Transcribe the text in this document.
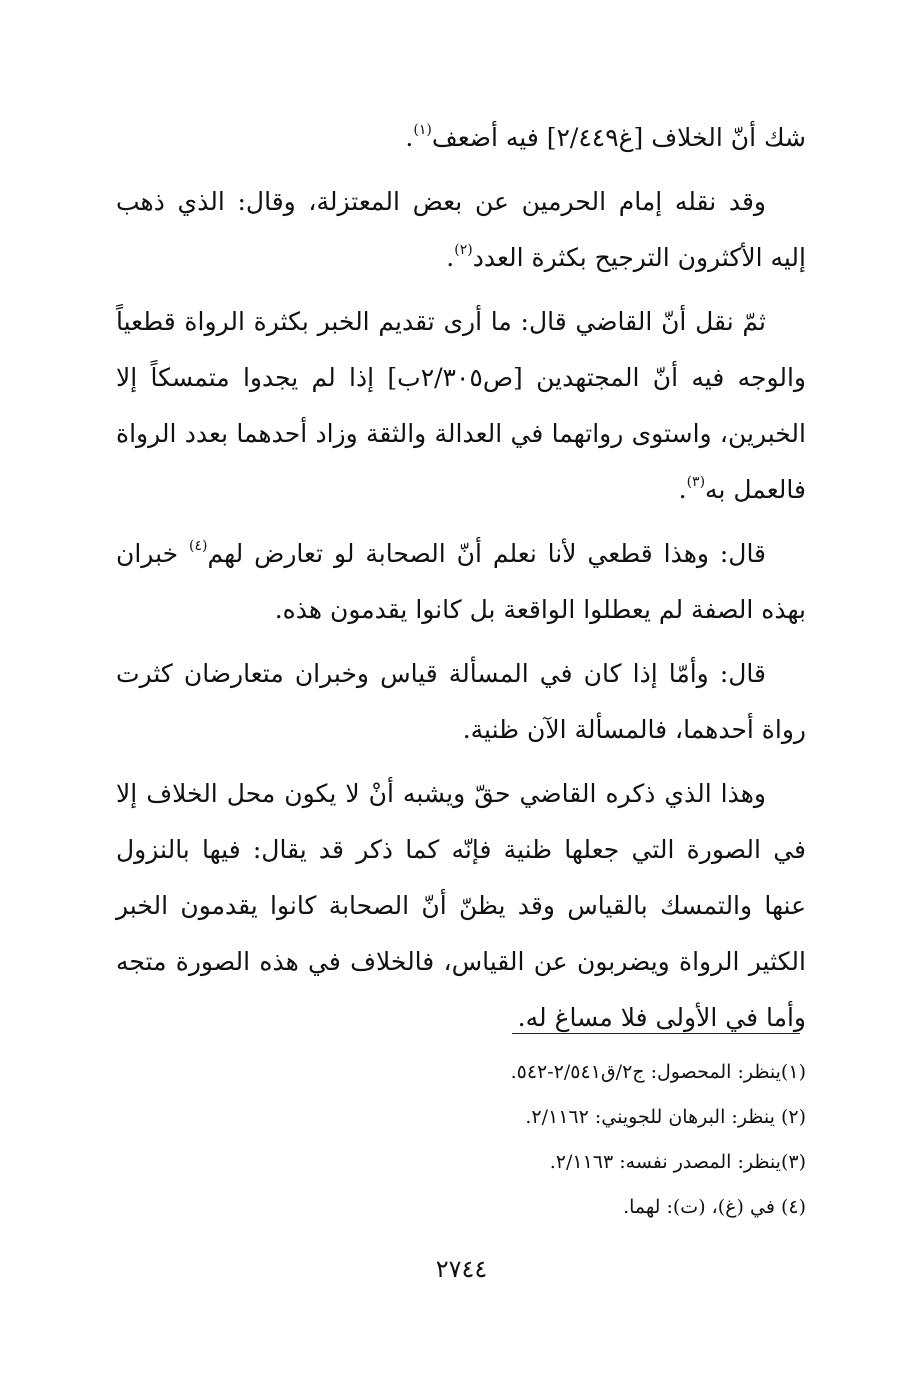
شك أنّ الخلاف [غ٢/٤٤٩] فيه أضعف$^{(١)}$.

وقد نقله إمام الحرمين عن بعض المعتزلة، وقال: الذي ذهب إليه الأكثرون الترجيح بكثرة العدد$^{(٢)}$.

ثمّ نقل أنّ القاضي قال: ما أرى تقديم الخبر بكثرة الرواة قطعياً والوجه فيه أنّ المجتهدين [ص٢/٣٠٥ب] إذا لم يجدوا متمسكاً إلا الخبرين، واستوى رواتهما في العدالة والثقة وزاد أحدهما بعدد الرواة فالعمل به$^{(٣)}$.

قال: وهذا قطعي لأنا نعلم أنّ الصحابة لو تعارض لهم$^{(٤)}$ خبران بهذه الصفة لم يعطلوا الواقعة بل كانوا يقدمون هذه.

قال: وأمّا إذا كان في المسألة قياس وخبران متعارضان كثرت رواة أحدهما، فالمسألة الآن ظنية.

وهذا الذي ذكره القاضي حقّ ويشبه أنْ لا يكون محل الخلاف إلا في الصورة التي جعلها ظنية فإنّه كما ذكر قد يقال: فيها بالنزول عنها والتمسك بالقياس وقد يظنّ أنّ الصحابة كانوا يقدمون الخبر الكثير الرواة ويضربون عن القياس، فالخلاف في هذه الصورة متجه وأما في الأولى فلا مساغ له.

(١)ينظر: المحصول: ج٢/ق٢/٥٤١-٥٤٢.

(٢) ينظر: البرهان للجويني: ٢/١١٦٢.

(٣)ينظر: المصدر نفسه: ٢/١١٦٣.

(٤) في (غ)، (ت): لهما.

٢٧٤٤
